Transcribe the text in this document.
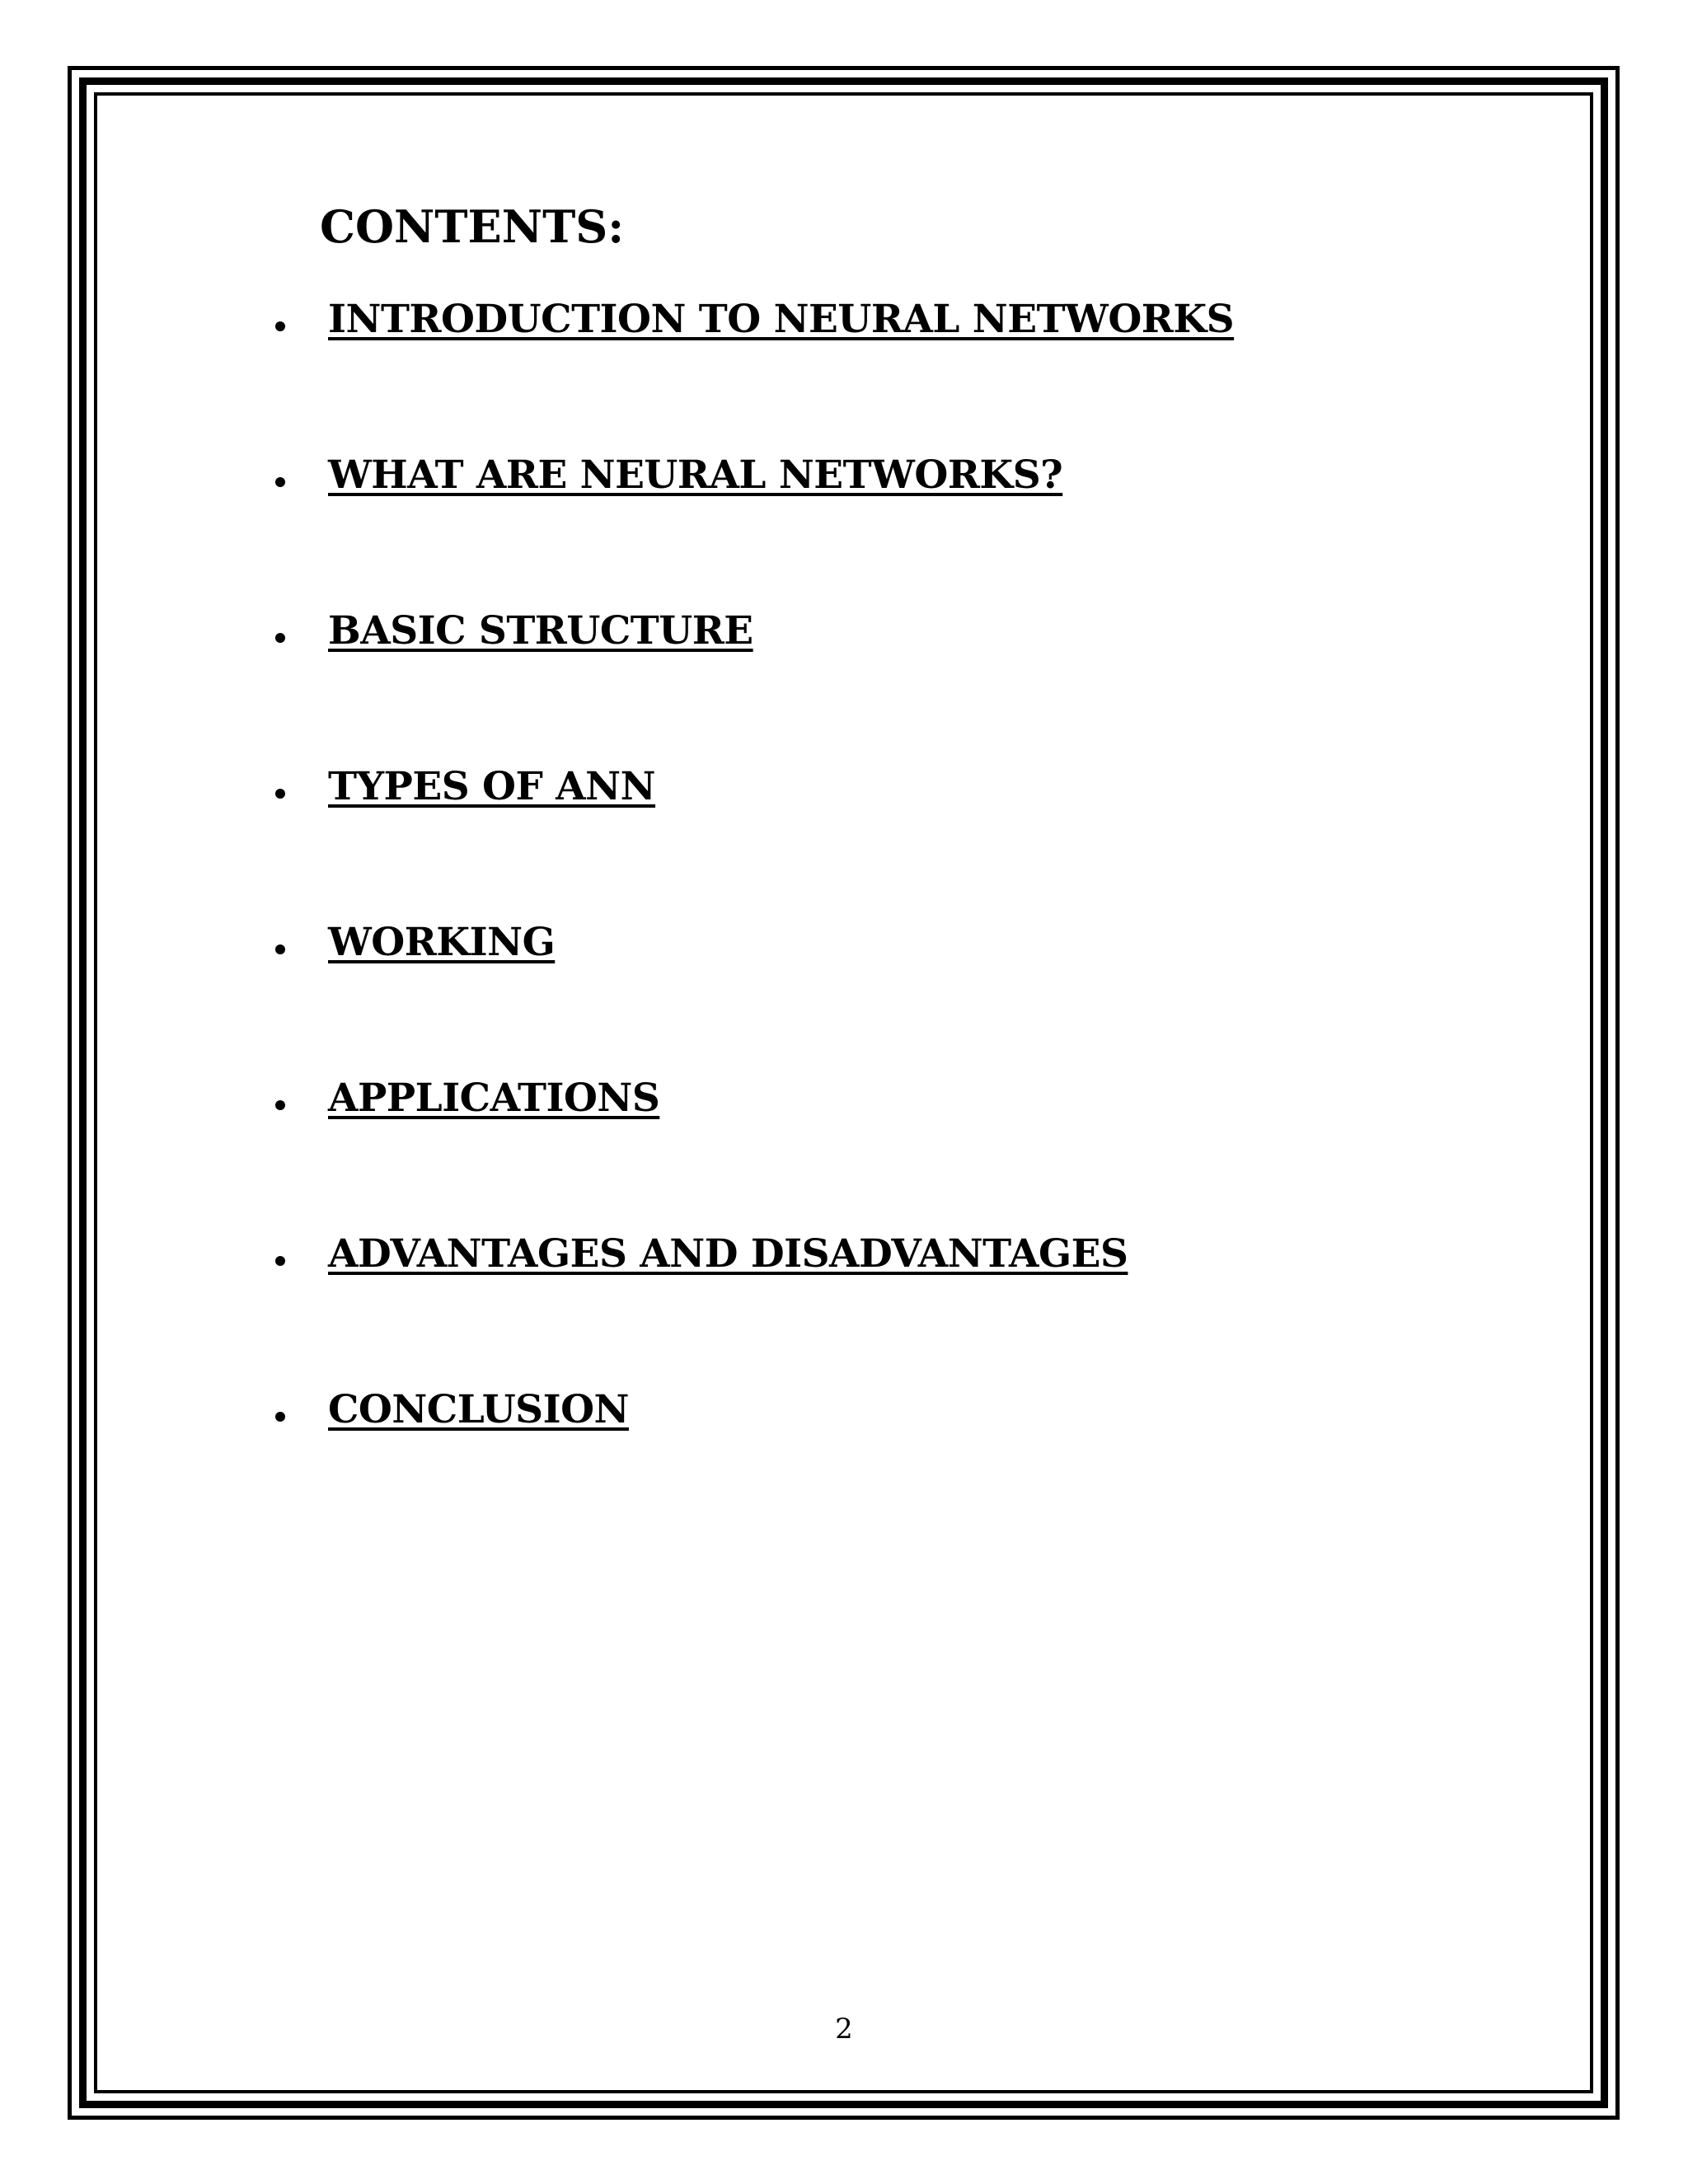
CONTENTS:
INTRODUCTION TO NEURAL NETWORKS
WHAT ARE NEURAL NETWORKS?
BASIC STRUCTURE
TYPES OF ANN
WORKING
APPLICATIONS
ADVANTAGES AND DISADVANTAGES
CONCLUSION
2
